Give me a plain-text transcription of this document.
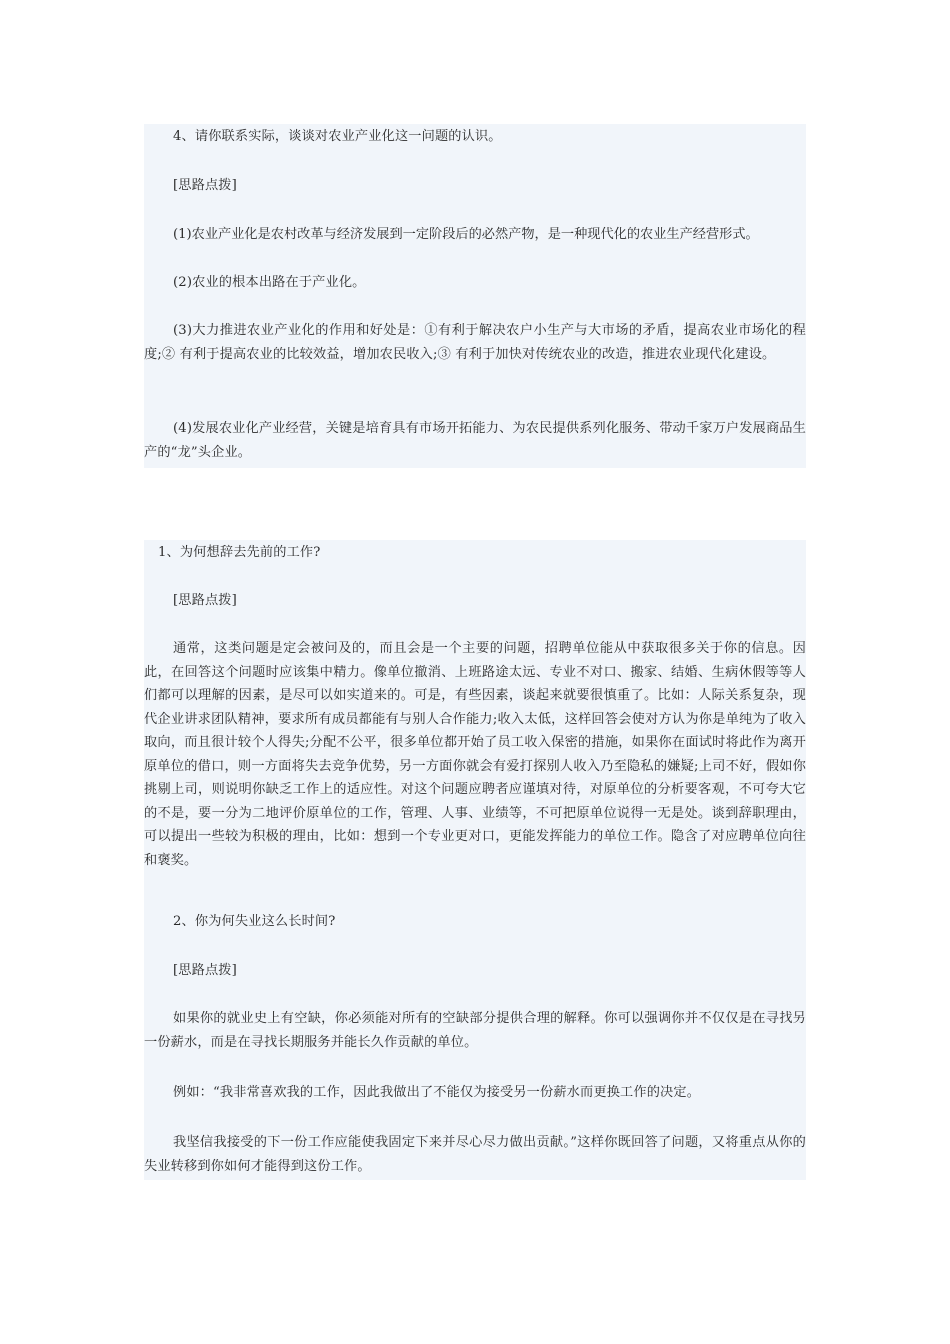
4、请你联系实际，谈谈对农业产业化这一问题的认识。

[思路点拨]

(1)农业产业化是农村改革与经济发展到一定阶段后的必然产物，是一种现代化的农业生产经营形式。

(2)农业的根本出路在于产业化。

(3)大力推进农业产业化的作用和好处是：①有利于解决农户小生产与大市场的矛盾，提高农业市场化的程度;② 有利于提高农业的比较效益，增加农民收入;③ 有利于加快对传统农业的改造，推进农业现代化建设。

(4)发展农业化产业经营，关键是培育具有市场开拓能力、为农民提供系列化服务、带动千家万户发展商品生产的“龙”头企业。

1、为何想辞去先前的工作?

[思路点拨]

通常，这类问题是定会被问及的，而且会是一个主要的问题，招聘单位能从中获取很多关于你的信息。因此，在回答这个问题时应该集中精力。像单位撤消、上班路途太远、专业不对口、搬家、结婚、生病休假等等人们都可以理解的因素，是尽可以如实道来的。可是，有些因素，谈起来就要很慎重了。比如：人际关系复杂，现代企业讲求团队精神，要求所有成员都能有与别人合作能力;收入太低，这样回答会使对方认为你是单纯为了收入取向，而且很计较个人得失;分配不公平，很多单位都开始了员工收入保密的措施，如果你在面试时将此作为离开原单位的借口，则一方面将失去竞争优势，另一方面你就会有爱打探别人收入乃至隐私的嫌疑;上司不好，假如你挑剔上司，则说明你缺乏工作上的适应性。对这个问题应聘者应谨填对待，对原单位的分析要客观，不可夸大它的不是，要一分为二地评价原单位的工作，管理、人事、业绩等，不可把原单位说得一无是处。谈到辞职理由，可以提出一些较为积极的理由，比如：想到一个专业更对口，更能发挥能力的单位工作。隐含了对应聘单位向往和褒奖。

2、你为何失业这么长时间?

[思路点拨]

如果你的就业史上有空缺，你必须能对所有的空缺部分提供合理的解释。你可以强调你并不仅仅是在寻找另一份薪水，而是在寻找长期服务并能长久作贡献的单位。

例如：“我非常喜欢我的工作，因此我做出了不能仅为接受另一份薪水而更换工作的决定。

我坚信我接受的下一份工作应能使我固定下来并尽心尽力做出贡献。”这样你既回答了问题，又将重点从你的失业转移到你如何才能得到这份工作。
